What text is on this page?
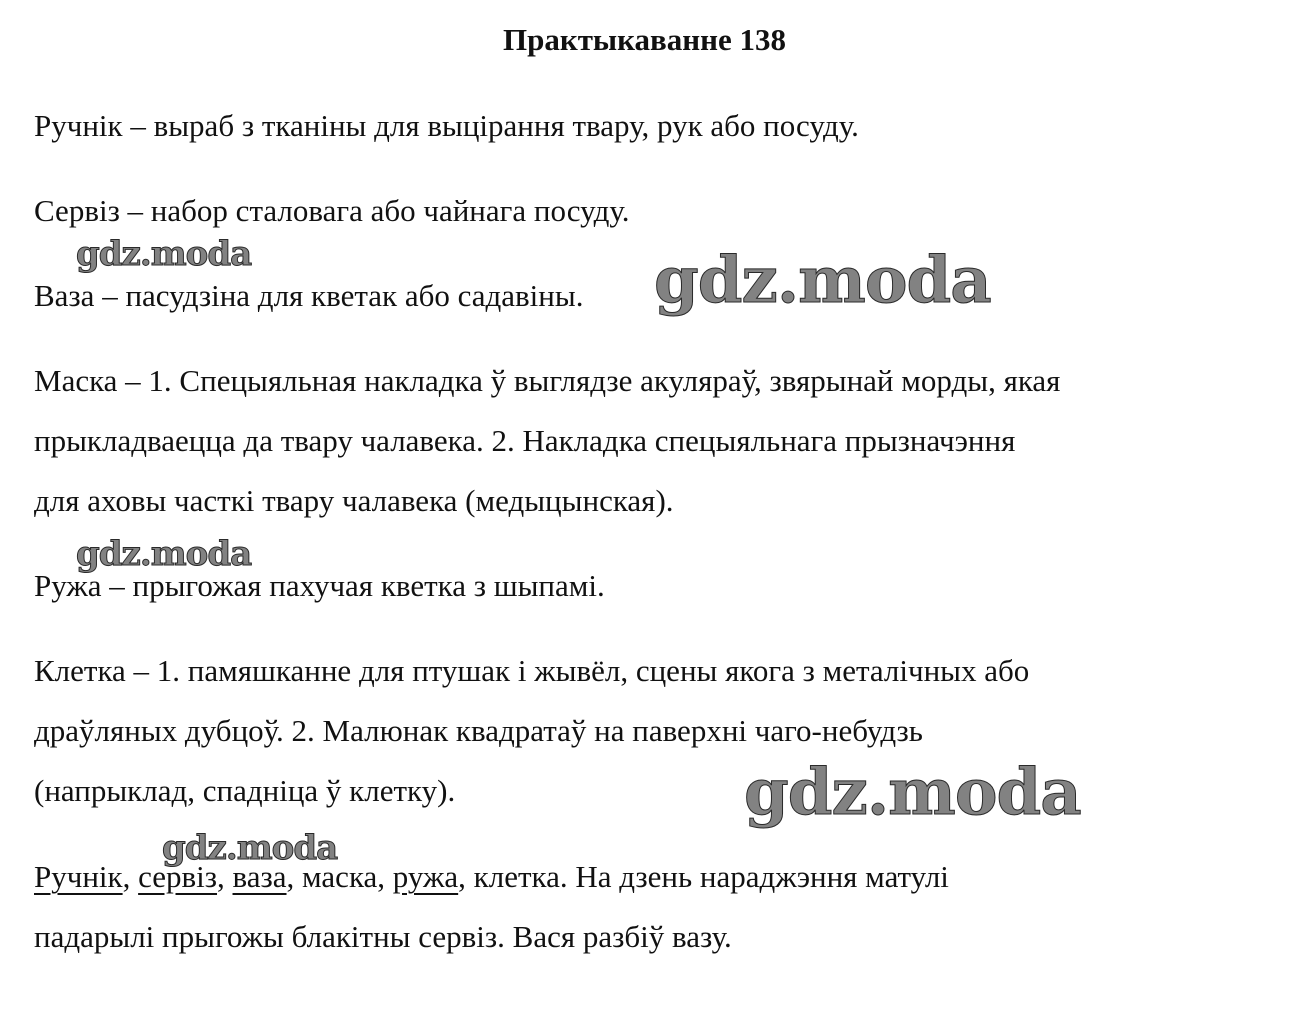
Практыкаванне 138
Ручнік – выраб з тканіны для выцірання твару, рук або посуду.
Сервіз – набор сталовага або чайнага посуду.
Ваза – пасудзіна для кветак або садавіны.
Маска – 1. Спецыяльная накладка ў выглядзе акуляраў, звярынай морды, якая
прыкладваецца да твару чалавека. 2. Накладка спецыяльнага прызначэння
для аховы часткі твару чалавека (медыцынская).
Ружа – прыгожая пахучая кветка з шыпамі.
Клетка – 1. памяшканне для птушак і жывёл, сцены якога з металічных або
драўляных дубцоў. 2. Малюнак квадратаў на паверхні чаго-небудзь
(напрыклад, спадніца ў клетку).
Ручнік, сервіз, ваза, маска, ружа, клетка. На дзень нараджэння матулі
падарылі прыгожы блакітны сервіз. Вася разбіў вазу.
gdz.moda	gdz.moda
gdz.moda
gdz.moda
gdz.moda
